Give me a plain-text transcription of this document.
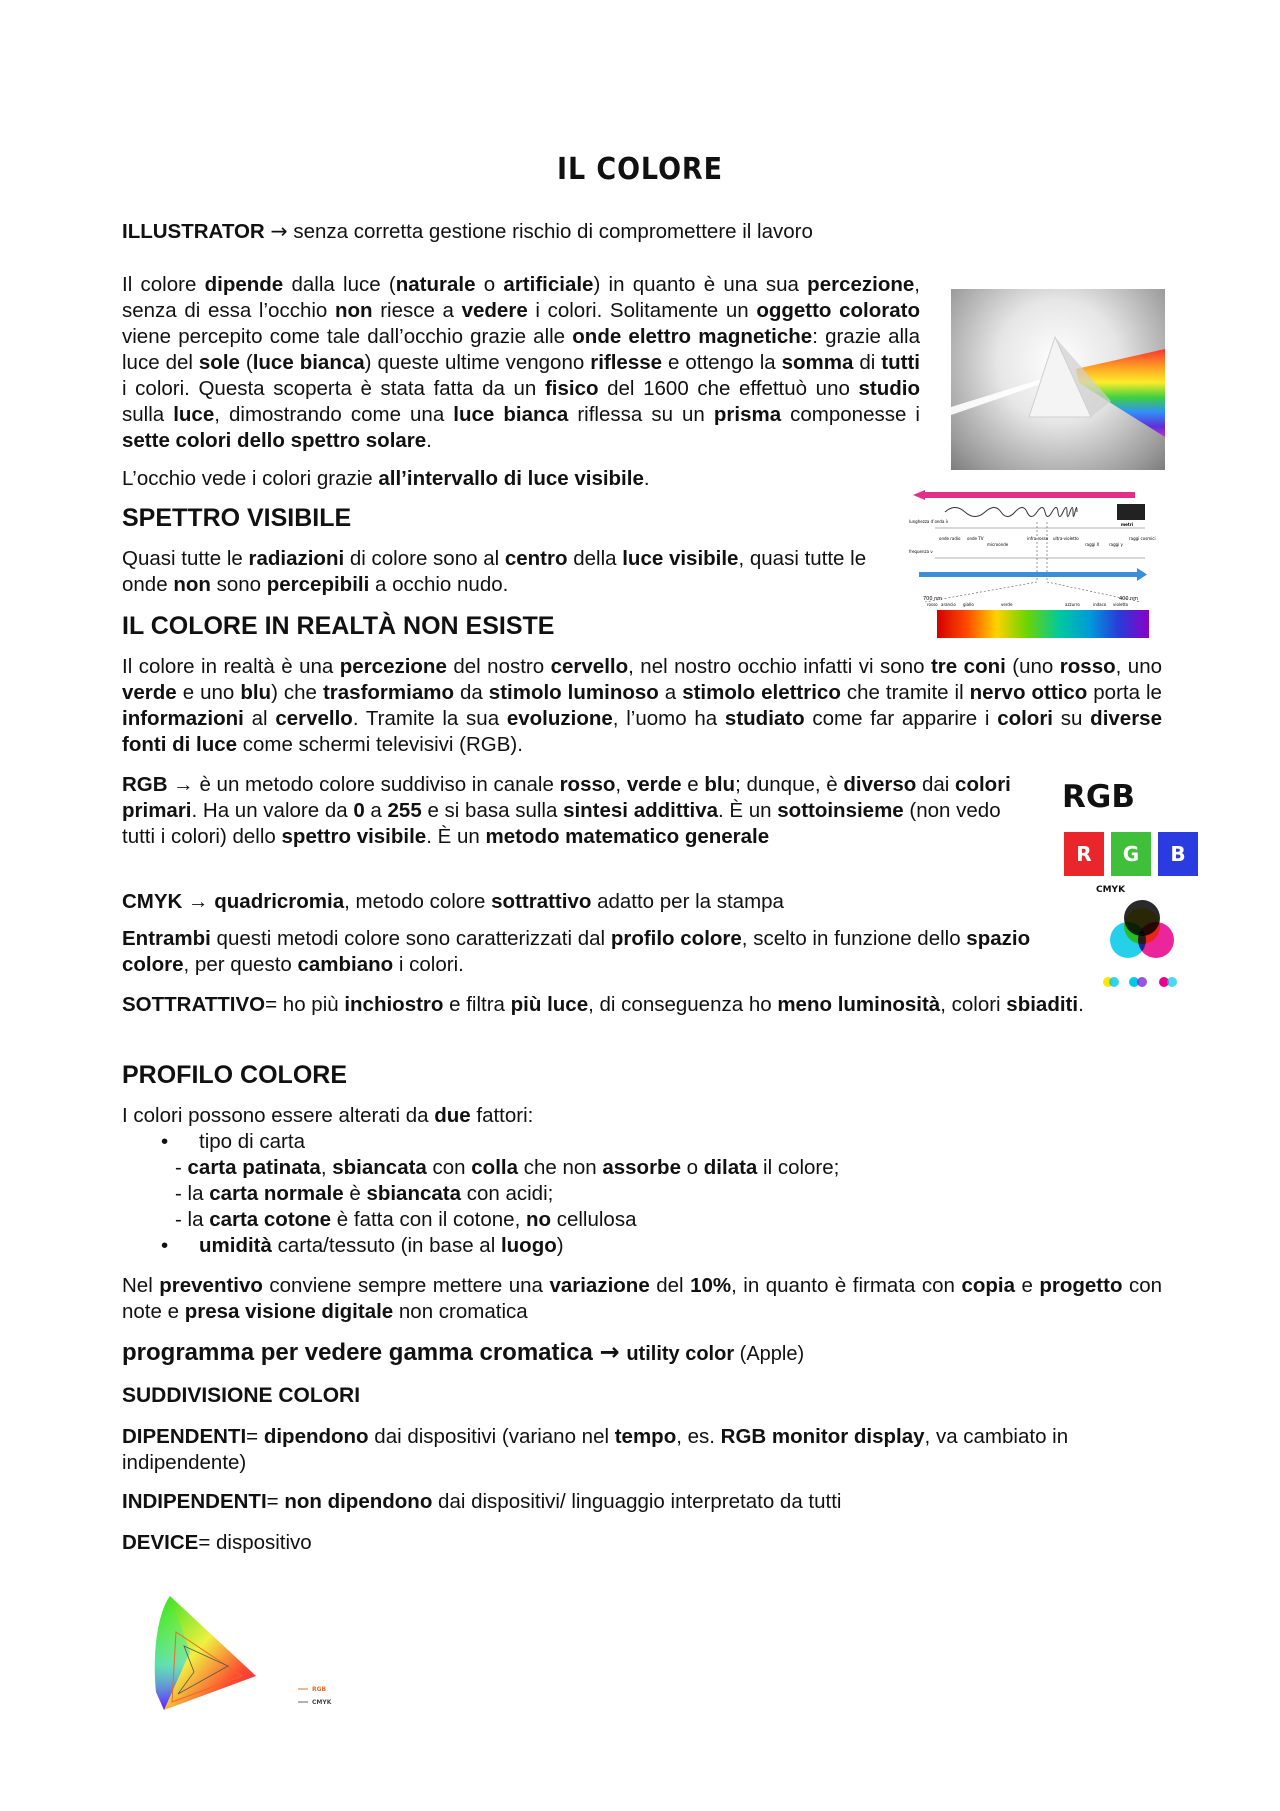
IL COLORE
ILLUSTRATOR → senza corretta gestione rischio di compromettere il lavoro
Il colore dipende dalla luce (naturale o artificiale) in quanto è una sua percezione, senza di essa l’occhio non riesce a vedere i colori. Solitamente un oggetto colorato viene percepito come tale dall’occhio grazie alle onde elettro magnetiche: grazie alla luce del sole (luce bianca) queste ultime vengono riflesse e ottengo la somma di tutti i colori. Questa scoperta è stata fatta da un fisico del 1600 che effettuò uno studio sulla luce, dimostrando come una luce bianca riflessa su un prisma componesse i sette colori dello spettro solare.
L’occhio vede i colori grazie all’intervallo di luce visibile.
SPETTRO VISIBILE
Quasi tutte le radiazioni di colore sono al centro della luce visibile, quasi tutte le onde non sono percepibili a occhio nudo.
lunghezza d’onda λ
frequenza ν
metri
onde radio onde TV
microonde
infra-rosso ultra-violetto
raggi X raggi γ
raggi cosmici
700 nm	400 nm
rosso arancio giallo	verde	azzurro	indaco violetto
IL COLORE IN REALTÀ NON ESISTE
Il colore in realtà è una percezione del nostro cervello, nel nostro occhio infatti vi sono tre coni (uno rosso, uno verde e uno blu) che trasformiamo da stimolo luminoso a stimolo elettrico che tramite il nervo ottico porta le informazioni al cervello. Tramite la sua evoluzione, l’uomo ha studiato come far apparire i colori su diverse fonti di luce come schermi televisivi (RGB).
RGB → è un metodo colore suddiviso in canale rosso, verde e blu; dunque, è diverso dai colori primari. Ha un valore da 0 a 255 e si basa sulla sintesi addittiva. È un sottoinsieme (non vedo tutti i colori) dello spettro visibile. È un metodo matematico generale
RGB
R	G	B
CMYK → quadricromia, metodo colore sottrattivo adatto per la stampa	CMYK
Entrambi questi metodi colore sono caratterizzati dal profilo colore, scelto in funzione dello spazio colore, per questo cambiano i colori.
SOTTRATTIVO= ho più inchiostro e filtra più luce, di conseguenza ho meno luminosità, colori sbiaditi.
PROFILO COLORE
I colori possono essere alterati da due fattori:
• tipo di carta
- carta patinata, sbiancata con colla che non assorbe o dilata il colore;
- la carta normale è sbiancata con acidi;
- la carta cotone è fatta con il cotone, no cellulosa
• umidità carta/tessuto (in base al luogo)
Nel preventivo conviene sempre mettere una variazione del 10%, in quanto è firmata con copia e progetto con note e presa visione digitale non cromatica
programma per vedere gamma cromatica → utility color (Apple)
SUDDIVISIONE COLORI
DIPENDENTI= dipendono dai dispositivi (variano nel tempo, es. RGB monitor display, va cambiato in indipendente)
INDIPENDENTI= non dipendono dai dispositivi/ linguaggio interpretato da tutti
DEVICE= dispositivo
RGB
CMYK
